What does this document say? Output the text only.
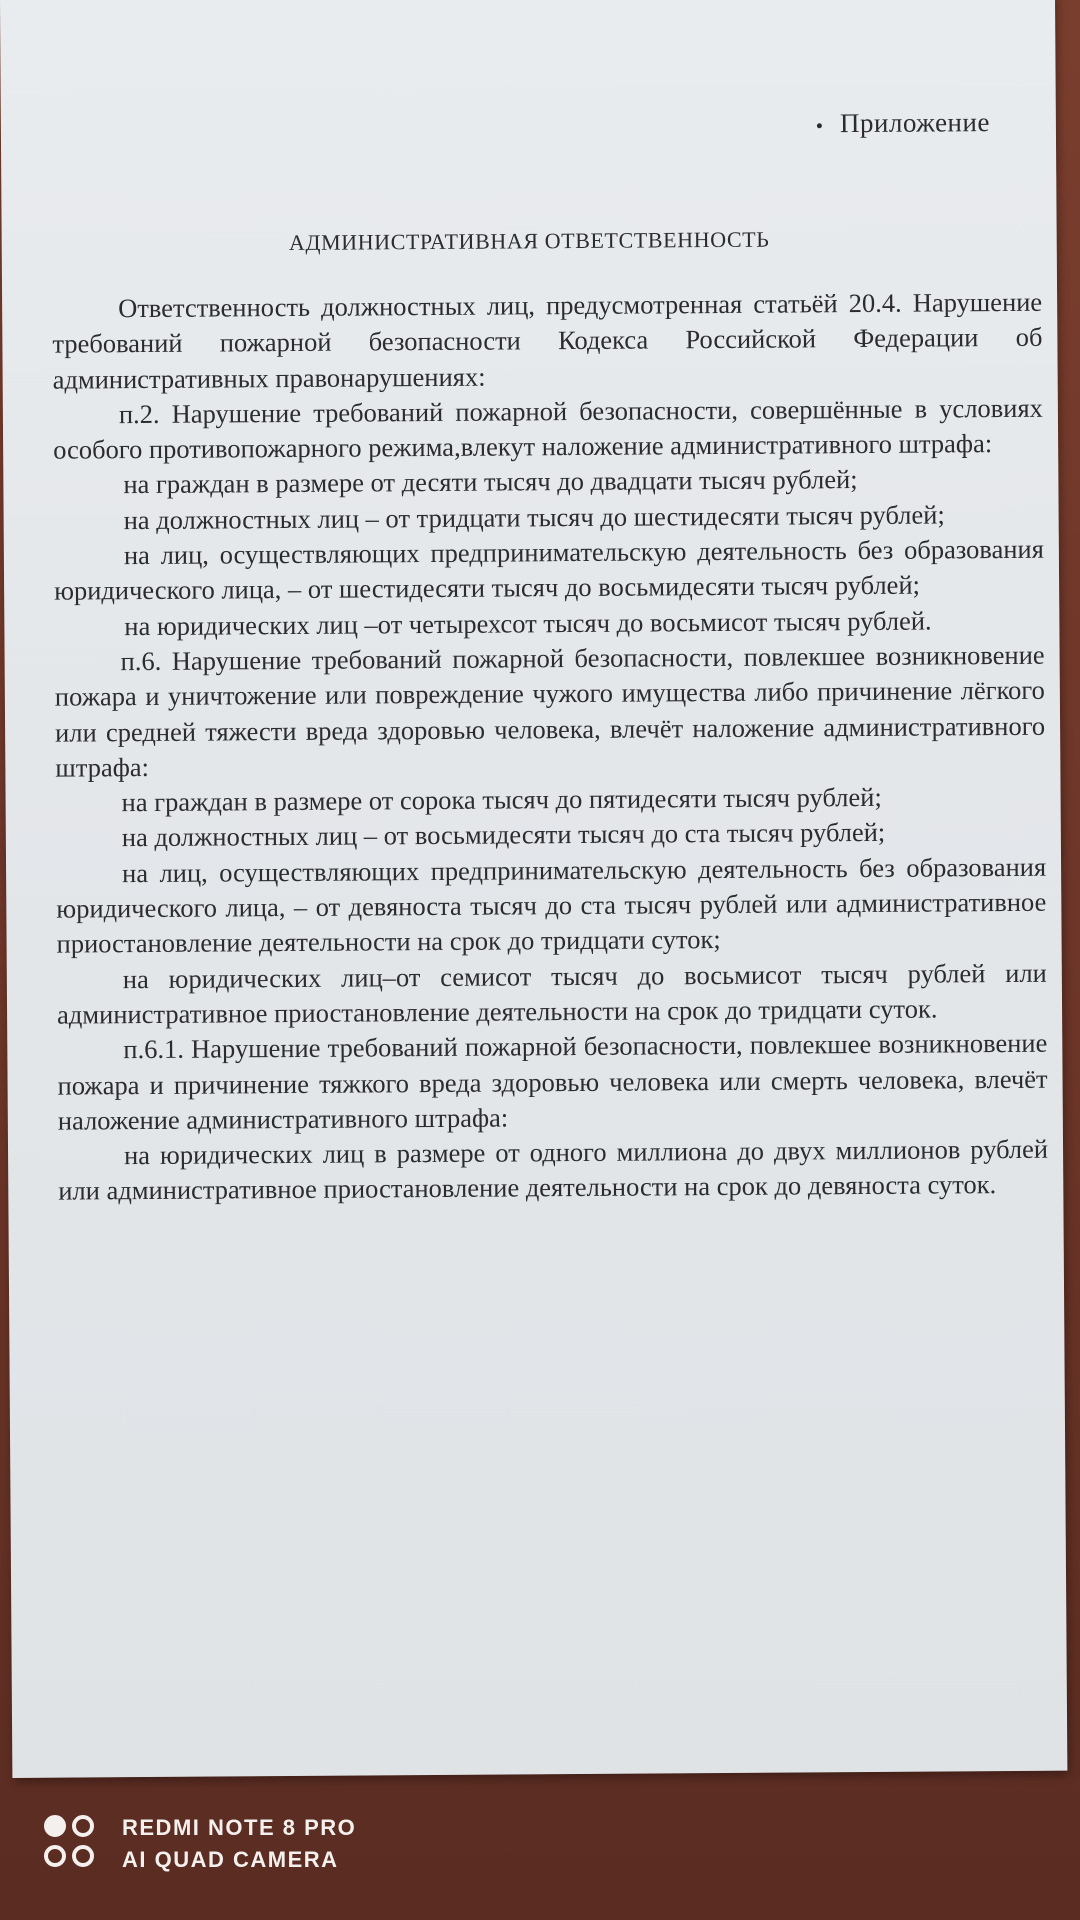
Приложение
АДМИНИСТРАТИВНАЯ ОТВЕТСТВЕННОСТЬ

Ответственность должностных лиц, предусмотренная статьёй 20.4. Нарушение требований пожарной безопасности Кодекса Российской Федерации об административных правонарушениях:

п.2. Нарушение требований пожарной безопасности, совершённые в условиях особого противопожарного режима,влекут наложение административного штрафа:

на граждан в размере от десяти тысяч до двадцати тысяч рублей;

на должностных лиц – от тридцати тысяч до шестидесяти тысяч рублей;

на лиц, осуществляющих предпринимательскую деятельность без образования юридического лица, – от шестидесяти тысяч до восьмидесяти тысяч рублей;

на юридических лиц –от четырехсот тысяч до восьмисот тысяч рублей.

п.6. Нарушение требований пожарной безопасности, повлекшее возникновение пожара и уничтожение или повреждение чужого имущества либо причинение лёгкого или средней тяжести вреда здоровью человека, влечёт наложение административного штрафа:

на граждан в размере от сорока тысяч до пятидесяти тысяч рублей;

на должностных лиц – от восьмидесяти тысяч до ста тысяч рублей;

на лиц, осуществляющих предпринимательскую деятельность без образования юридического лица, – от девяноста тысяч до ста тысяч рублей или административное приостановление деятельности на срок до тридцати суток;

на юридических лиц–от семисот тысяч до восьмисот тысяч рублей или административное приостановление деятельности на срок до тридцати суток.

п.6.1. Нарушение требований пожарной безопасности, повлекшее возникновение пожара и причинение тяжкого вреда здоровью человека или смерть человека, влечёт наложение административного штрафа:

на юридических лиц в размере от одного миллиона до двух миллионов рублей или административное приостановление деятельности на срок до девяноста суток.

REDMI NOTE 8 PRO
AI QUAD CAMERA
